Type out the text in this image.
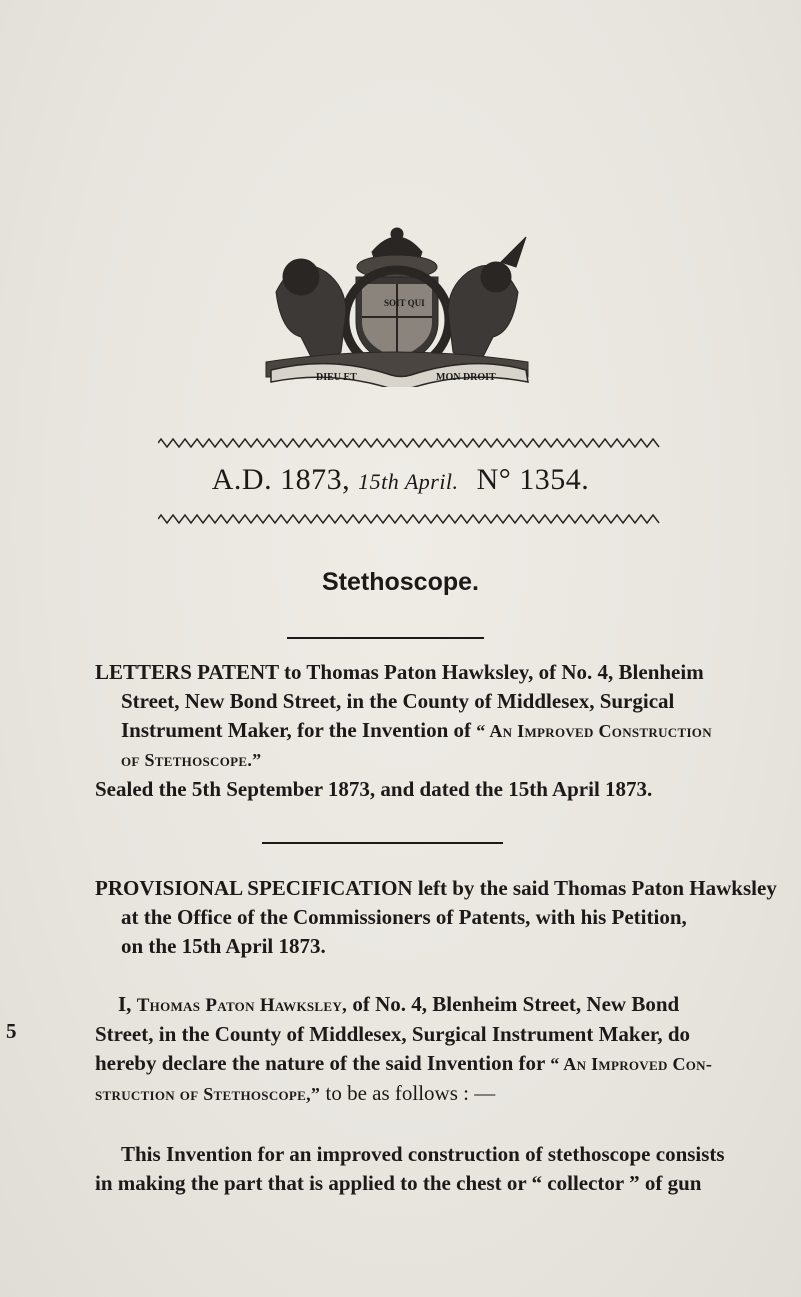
DIEU ET
SOIT QUI
MON DROIT
A.D. 1873, 15th April. N° 1354.
Stethoscope.
LETTERS PATENT to Thomas Paton Hawksley, of No. 4, Blenheim
Street, New Bond Street, in the County of Middlesex, Surgical
Instrument Maker, for the Invention of “ An Improved Construction
of Stethoscope.”
Sealed the 5th September 1873, and dated the 15th April 1873.
PROVISIONAL SPECIFICATION left by the said Thomas Paton Hawksley
at the Office of the Commissioners of Patents, with his Petition,
on the 15th April 1873.
I, Thomas Paton Hawksley, of No. 4, Blenheim Street, New Bond
Street, in the County of Middlesex, Surgical Instrument Maker, do
hereby declare the nature of the said Invention for “ An Improved Con-
struction of Stethoscope,” to be as follows : —
5
This Invention for an improved construction of stethoscope consists
in making the part that is applied to the chest or “ collector ” of gun
